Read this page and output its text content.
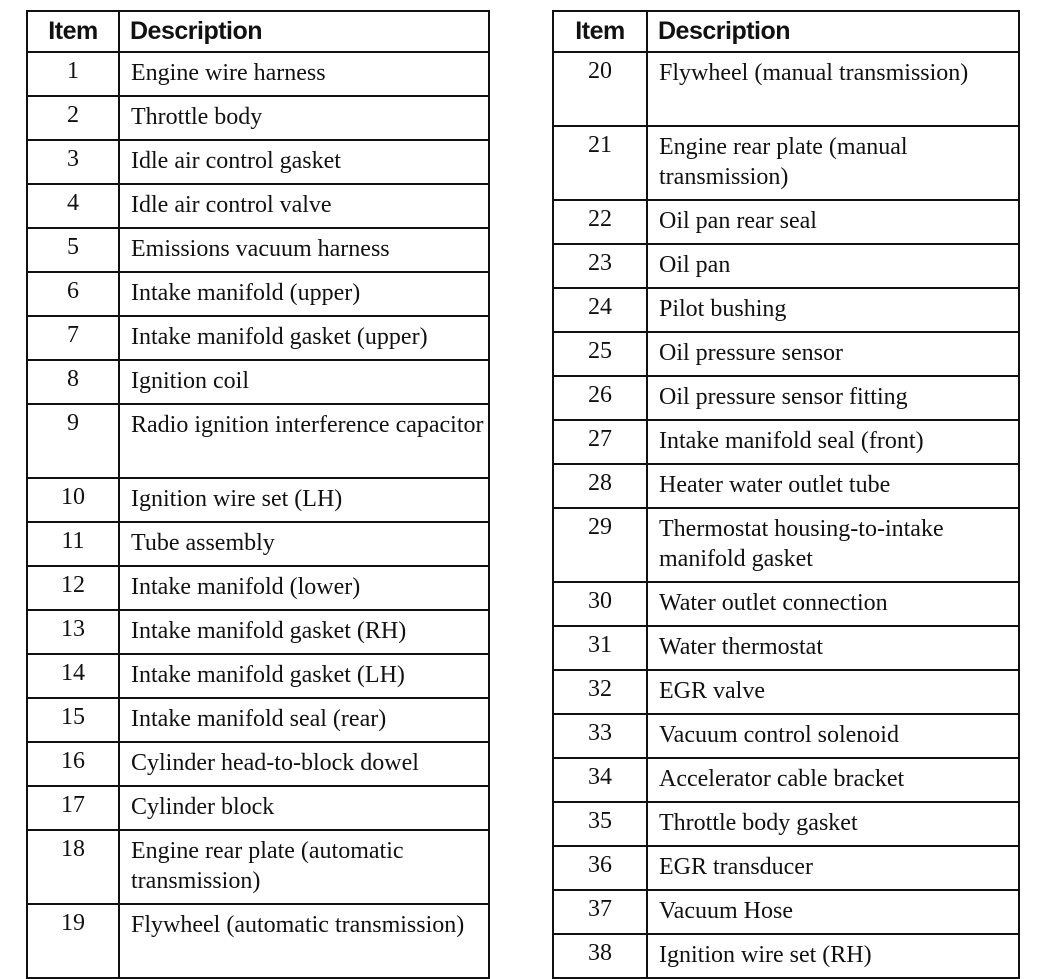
Item	Description
1	Engine wire harness
2	Throttle body
3	Idle air control gasket
4	Idle air control valve
5	Emissions vacuum harness
6	Intake manifold (upper)
7	Intake manifold gasket (upper)
8	Ignition coil
9	Radio ignition interference capacitor
10	Ignition wire set (LH)
11	Tube assembly
12	Intake manifold (lower)
13	Intake manifold gasket (RH)
14	Intake manifold gasket (LH)
15	Intake manifold seal (rear)
16	Cylinder head-to-block dowel
17	Cylinder block
18	Engine rear plate (automatic transmission)
19	Flywheel (automatic transmission)
Item	Description
20	Flywheel (manual transmission)
21	Engine rear plate (manual transmission)
22	Oil pan rear seal
23	Oil pan
24	Pilot bushing
25	Oil pressure sensor
26	Oil pressure sensor fitting
27	Intake manifold seal (front)
28	Heater water outlet tube
29	Thermostat housing-to-intake manifold gasket
30	Water outlet connection
31	Water thermostat
32	EGR valve
33	Vacuum control solenoid
34	Accelerator cable bracket
35	Throttle body gasket
36	EGR transducer
37	Vacuum Hose
38	Ignition wire set (RH)
